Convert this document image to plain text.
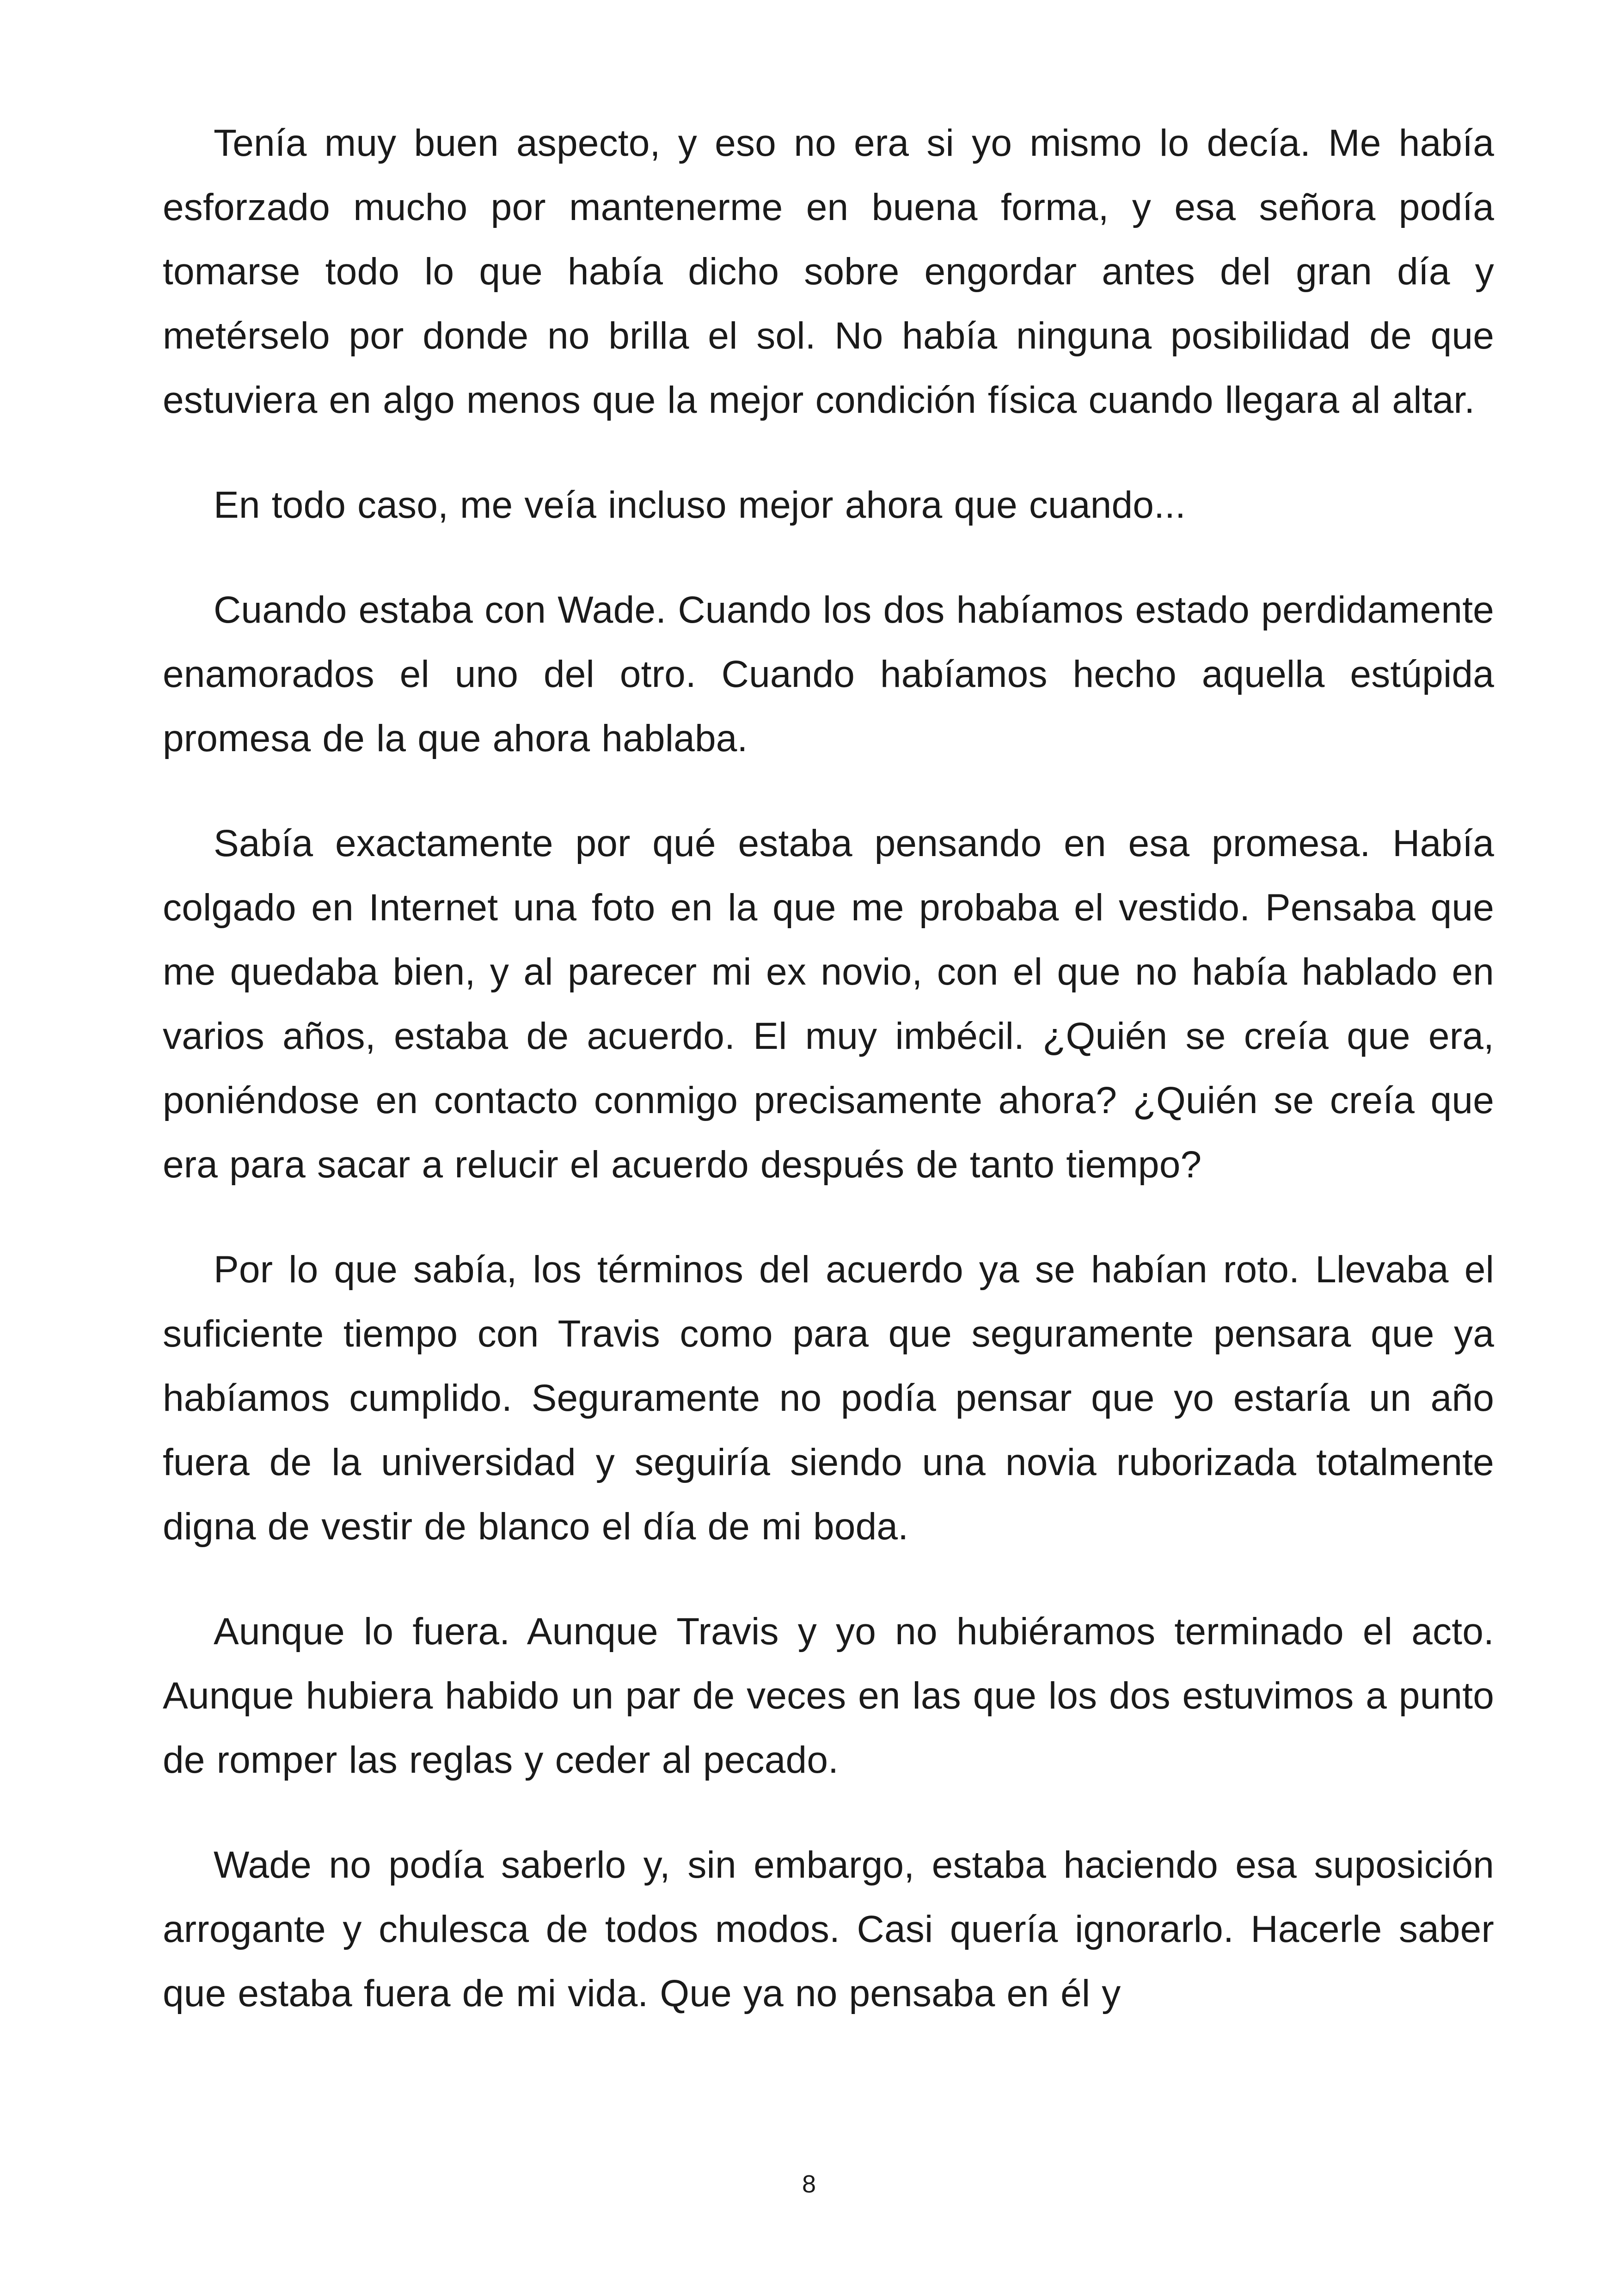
Tenía muy buen aspecto, y eso no era si yo mismo lo decía. Me había esforzado mucho por mantenerme en buena forma, y esa señora podía tomarse todo lo que había dicho sobre engordar antes del gran día y metérselo por donde no brilla el sol. No había ninguna posibilidad de que estuviera en algo menos que la mejor condición física cuando llegara al altar.

En todo caso, me veía incluso mejor ahora que cuando...

Cuando estaba con Wade. Cuando los dos habíamos estado perdidamente enamorados el uno del otro. Cuando habíamos hecho aquella estúpida promesa de la que ahora hablaba.

Sabía exactamente por qué estaba pensando en esa promesa. Había colgado en Internet una foto en la que me probaba el vestido. Pensaba que me quedaba bien, y al parecer mi ex novio, con el que no había hablado en varios años, estaba de acuerdo. El muy imbécil. ¿Quién se creía que era, poniéndose en contacto conmigo precisamente ahora? ¿Quién se creía que era para sacar a relucir el acuerdo después de tanto tiempo?

Por lo que sabía, los términos del acuerdo ya se habían roto. Llevaba el suficiente tiempo con Travis como para que seguramente pensara que ya habíamos cumplido. Seguramente no podía pensar que yo estaría un año fuera de la universidad y seguiría siendo una novia ruborizada totalmente digna de vestir de blanco el día de mi boda.

Aunque lo fuera. Aunque Travis y yo no hubiéramos terminado el acto. Aunque hubiera habido un par de veces en las que los dos estuvimos a punto de romper las reglas y ceder al pecado.

Wade no podía saberlo y, sin embargo, estaba haciendo esa suposición arrogante y chulesca de todos modos. Casi quería ignorarlo. Hacerle saber que estaba fuera de mi vida. Que ya no pensaba en él y

8
